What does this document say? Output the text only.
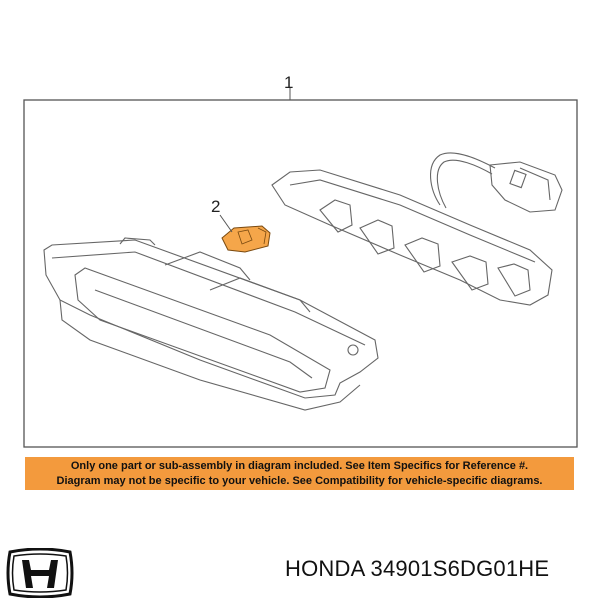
1
2
Only one part or sub-assembly in diagram included. See Item Specifics for Reference #.
Diagram may not be specific to your vehicle. See Compatibility for vehicle-specific diagrams.
HONDA 34901S6DG01HE
